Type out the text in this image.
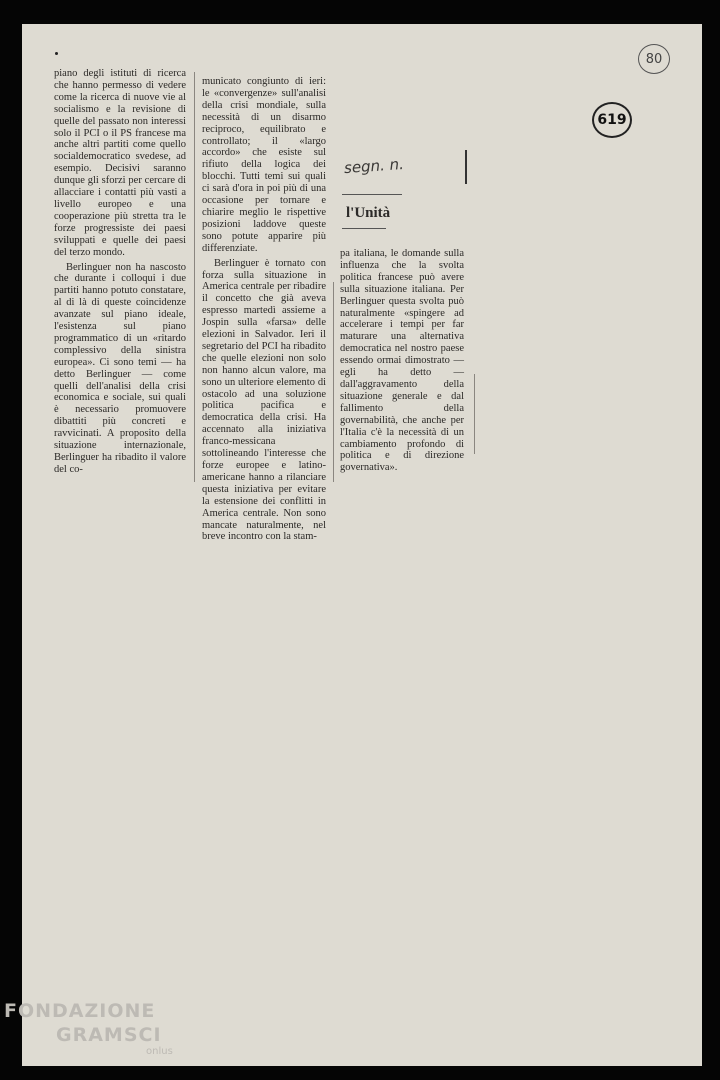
piano degli istituti di ricerca che hanno permesso di vedere come la ricerca di nuove vie al socialismo e la revisione di quelle del passato non interessi solo il PCI o il PS francese ma anche altri partiti come quello socialdemocratico svedese, ad esempio. Decisivi saranno dunque gli sforzi per cercare di allacciare i contatti più vasti a livello europeo e una cooperazione più stretta tra le forze progressiste dei paesi sviluppati e quelle dei paesi del terzo mondo.

Berlinguer non ha nascosto che durante i colloqui i due partiti hanno potuto constatare, al di là di queste coincidenze avanzate sul piano ideale, l'esistenza sul piano programmatico di un «ritardo complessivo della sinistra europea». Ci sono temi — ha detto Berlinguer — come quelli dell'analisi della crisi economica e sociale, sui quali è necessario promuovere dibattiti più concreti e ravvicinati. A proposito della situazione internazionale, Berlinguer ha ribadito il valore del co-

municato congiunto di ieri: le «convergenze» sull'analisi della crisi mondiale, sulla necessità di un disarmo reciproco, equilibrato e controllato; il «largo accordo» che esiste sul rifiuto della logica dei blocchi. Tutti temi sui quali ci sarà d'ora in poi più di una occasione per tornare e chiarire meglio le rispettive posizioni laddove queste sono potute apparire più differenziate.

Berlinguer è tornato con forza sulla situazione in America centrale per ribadire il concetto che già aveva espresso martedì assieme a Jospin sulla «farsa» delle elezioni in Salvador. Ieri il segretario del PCI ha ribadito che quelle elezioni non solo non hanno alcun valore, ma sono un ulteriore elemento di ostacolo ad una soluzione politica pacifica e democratica della crisi. Ha accennato alla iniziativa franco-messicana sottolineando l'interesse che forze europee e latino-americane hanno a rilanciare questa iniziativa per evitare la estensione dei conflitti in America centrale. Non sono mancate naturalmente, nel breve incontro con la stam-

pa italiana, le domande sulla influenza che la svolta politica francese può avere sulla situazione italiana. Per Berlinguer questa svolta può naturalmente «spingere ad accelerare i tempi per far maturare una alternativa democratica nel nostro paese essendo ormai dimostrato — egli ha detto — dall'aggravamento della situazione generale e dal fallimento della governabilità, che anche per l'Italia c'è la necessità di un cambiamento profondo di politica e di direzione governativa».

segn. n.
l'Unità
619
80
FONDAZIONE
GRAMSCI
onlus
